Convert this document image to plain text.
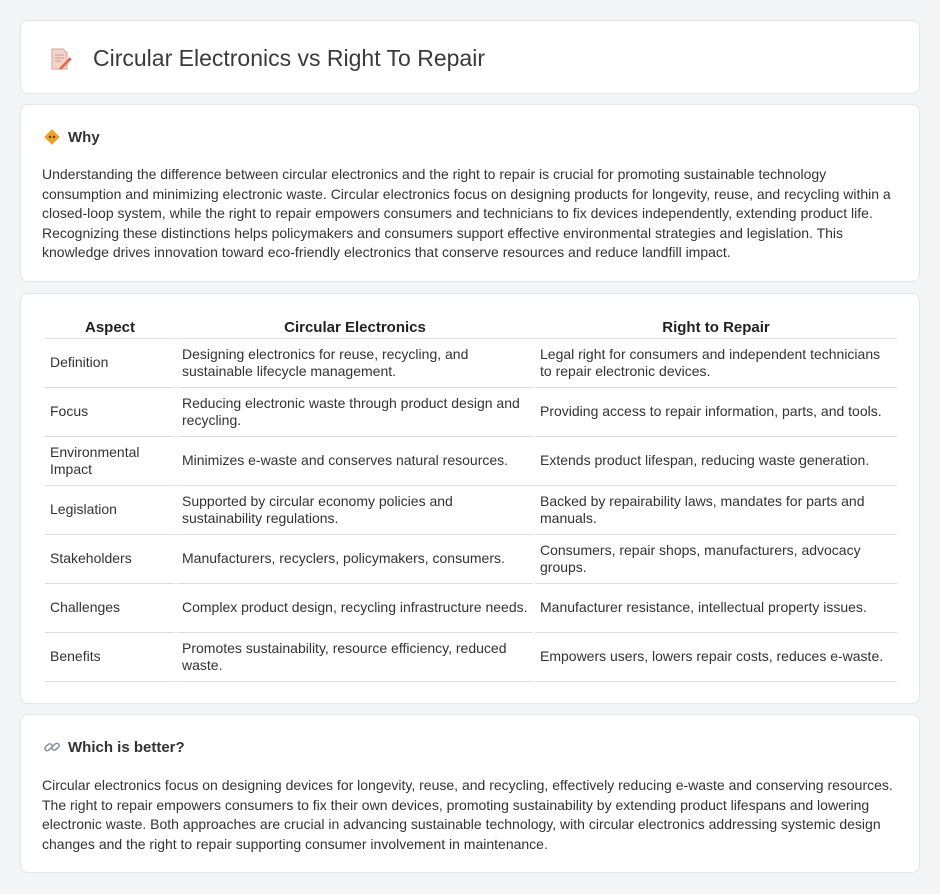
Circular Electronics vs Right To Repair
Why

Understanding the difference between circular electronics and the right to repair is crucial for promoting sustainable technology consumption and minimizing electronic waste. Circular electronics focus on designing products for longevity, reuse, and recycling within a closed-loop system, while the right to repair empowers consumers and technicians to fix devices independently, extending product life. Recognizing these distinctions helps policymakers and consumers support effective environmental strategies and legislation. This knowledge drives innovation toward eco-friendly electronics that conserve resources and reduce landfill impact.

Aspect	Circular Electronics	Right to Repair
Definition	Designing electronics for reuse, recycling, and sustainable lifecycle management.	Legal right for consumers and independent technicians to repair electronic devices.
Focus	Reducing electronic waste through product design and recycling.	Providing access to repair information, parts, and tools.
Environmental Impact	Minimizes e-waste and conserves natural resources.	Extends product lifespan, reducing waste generation.
Legislation	Supported by circular economy policies and sustainability regulations.	Backed by repairability laws, mandates for parts and manuals.
Stakeholders	Manufacturers, recyclers, policymakers, consumers.	Consumers, repair shops, manufacturers, advocacy groups.
Challenges	Complex product design, recycling infrastructure needs.	Manufacturer resistance, intellectual property issues.
Benefits	Promotes sustainability, resource efficiency, reduced waste.	Empowers users, lowers repair costs, reduces e-waste.
Which is better?

Circular electronics focus on designing devices for longevity, reuse, and recycling, effectively reducing e-waste and conserving resources. The right to repair empowers consumers to fix their own devices, promoting sustainability by extending product lifespans and lowering electronic waste. Both approaches are crucial in advancing sustainable technology, with circular electronics addressing systemic design changes and the right to repair supporting consumer involvement in maintenance.
